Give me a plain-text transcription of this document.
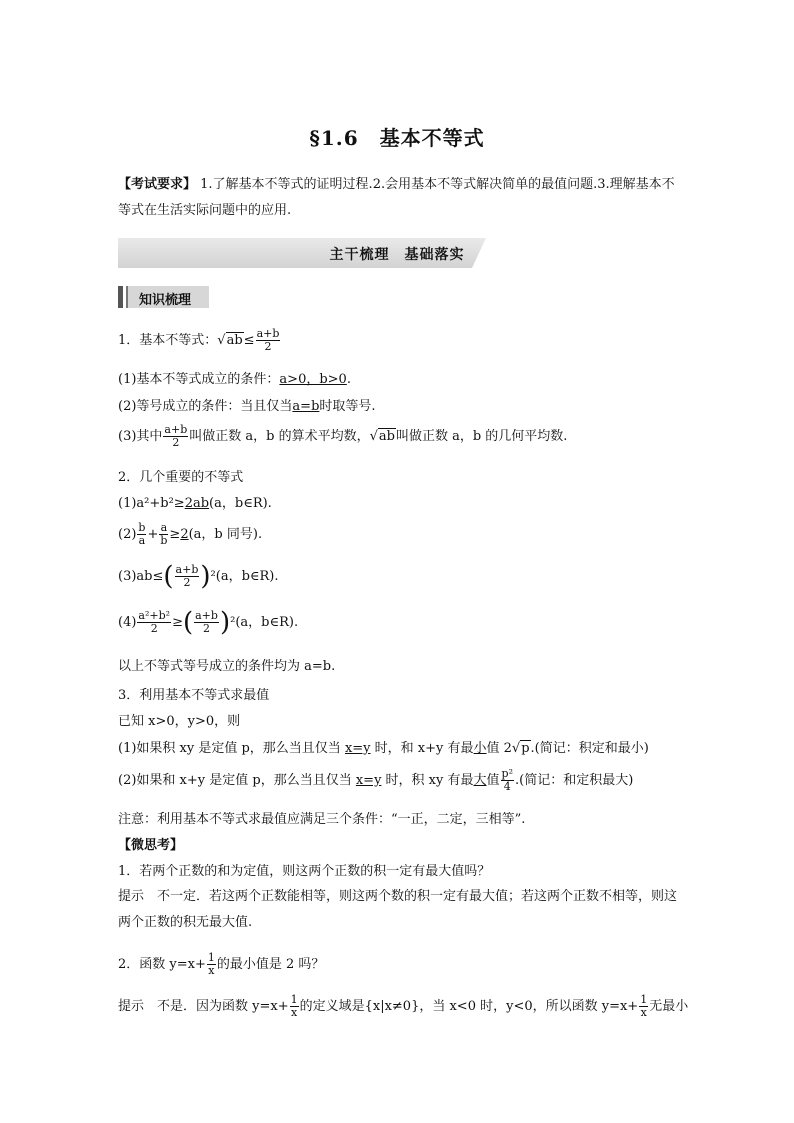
§1.6　基本不等式
【考试要求】 1.了解基本不等式的证明过程.2.会用基本不等式解决简单的最值问题.3.理解基本不等式在生活实际问题中的应用.
主干梳理　基础落实
知识梳理
1．基本不等式：$√ab\le \frac{a+b}{2}$
(1)基本不等式成立的条件：a>0，b>0.
(2)等号成立的条件：当且仅当a=b时取等号.
(3)其中 $\frac{a+b}{2}$ 叫做正数 a，b 的算术平均数，√ab叫做正数 a，b 的几何平均数.
2．几个重要的不等式
(1)a²+b²≥2ab(a，b∈R).
$(2) \frac{b}{a} + \frac{a}{b} \ge 2(a$，b 同号).
$(3)ab\le( \frac{a+b}{2} )^2(a$，b∈R).
$(4) \frac{\text{a²+b²}}{2}$ ≥( $\frac{a+b}{2} )^2(a$，b∈R).
以上不等式等号成立的条件均为 a=b.
3．利用基本不等式求最值
已知 x>0，y>0，则
(1)如果积 xy 是定值 p，那么当且仅当 x=y 时，和 x+y 有最小值 2√p.(简记：积定和最小)
(2)如果和 x+y 是定值 p，那么当且仅当 x=y 时，积 xy 有最大值 $\frac{\text{p²}}{4}$ .(简记：和定积最大)
注意：利用基本不等式求最值应满足三个条件：“一正，二定，三相等”.
【微思考】
1．若两个正数的和为定值，则这两个正数的积一定有最大值吗？
提示　不一定．若这两个正数能相等，则这两个数的积一定有最大值；若这两个正数不相等，则这两个正数的积无最大值.
2．函数 $y=x+ \frac{1}{x}$ 的最小值是 2 吗？
提示　不是．因为函数 $y=x+ \frac{1}{x}$ 的定义域是{x|x≠0}，当 x<0 时，y<0，所以函数 $y=x+ \frac{1}{x}$ 无最小
